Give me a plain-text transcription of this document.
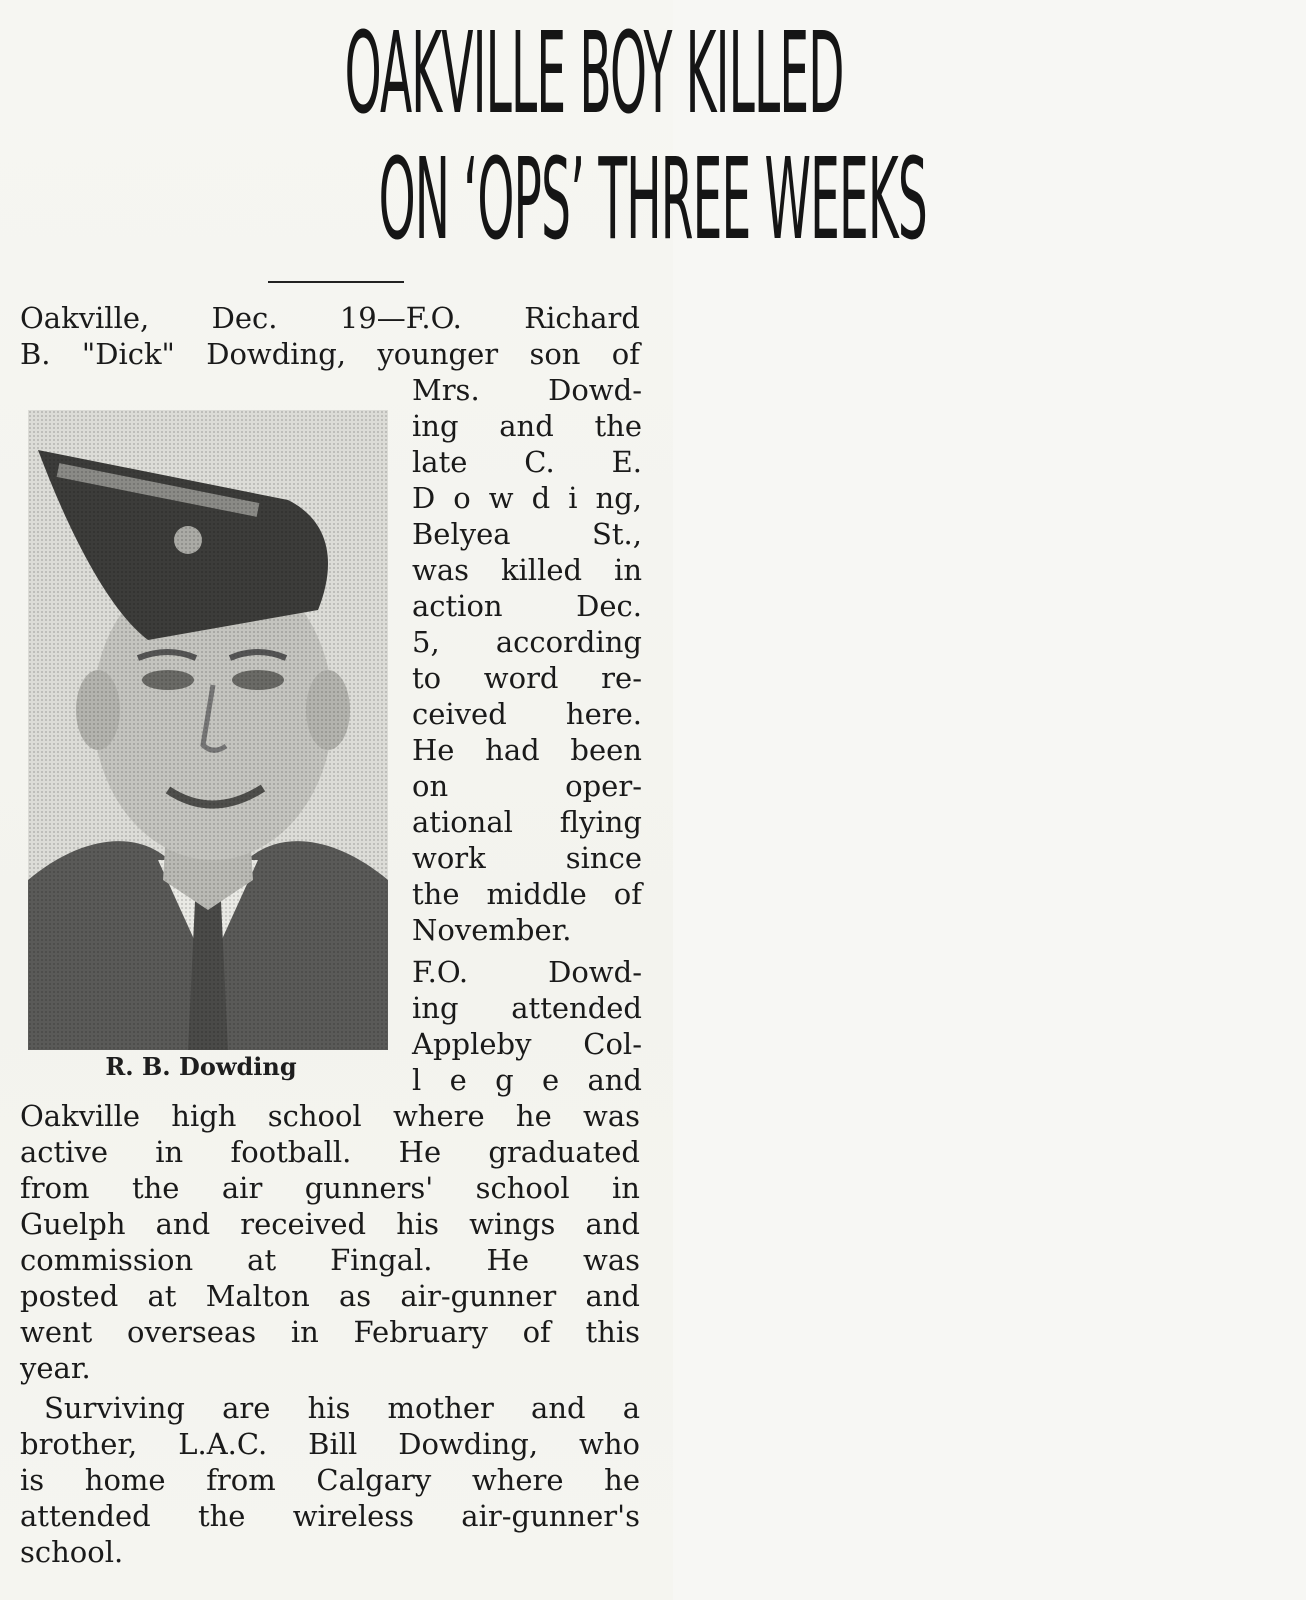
OAKVILLE BOY KILLED
ON ‘OPS’ THREE WEEKS

Oakville, Dec. 19—F.O. Richard

B. "Dick" Dowding, younger son of

Mrs. Dowd-

ing and the

late C. E.

D o w d i ng,

Belyea St.,

was killed in

action Dec.

5, according

to word re-

ceived here.

He had been

on oper-

ational flying

work since

the middle of

November.

F.O. Dowd-

ing attended

Appleby Col-

l e g e and

R. B. Dowding

Oakville high school where he was

active in football. He graduated

from the air gunners' school in

Guelph and received his wings and

commission at Fingal. He was

posted at Malton as air-gunner and

went overseas in February of this

year.

Surviving are his mother and a

brother, L.A.C. Bill Dowding, who

is home from Calgary where he

attended the wireless air-gunner's

school.
